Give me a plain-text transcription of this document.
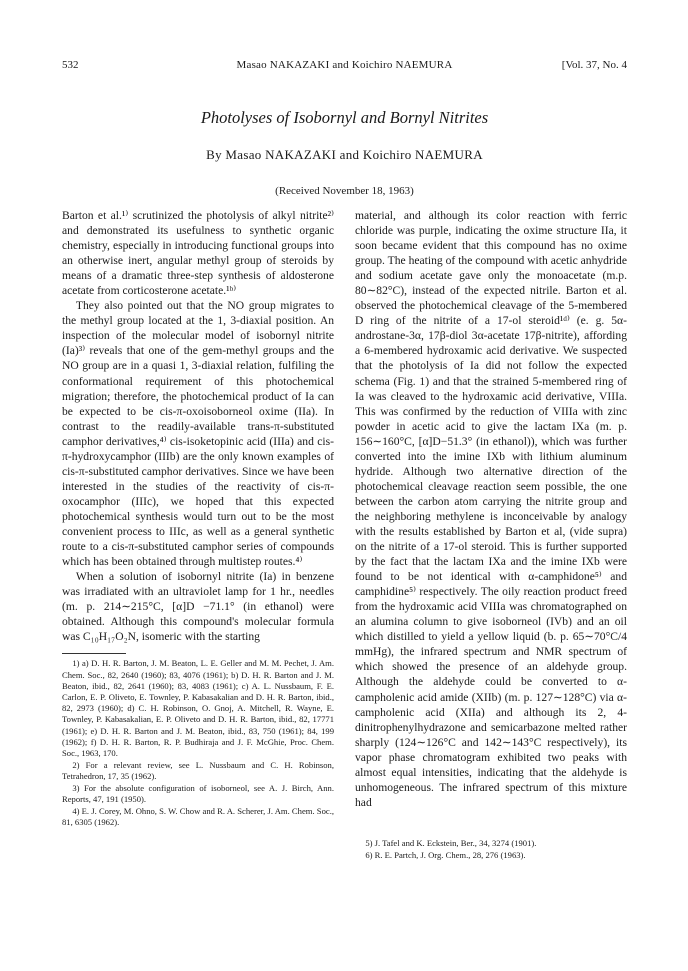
532	Masao NAKAZAKI and Koichiro NAEMURA	[Vol. 37, No. 4
Photolyses of Isobornyl and Bornyl Nitrites
By Masao NAKAZAKI and Koichiro NAEMURA
(Received November 18, 1963)

Barton et al.¹⁾ scrutinized the photolysis of alkyl nitrite²⁾ and demonstrated its usefulness to synthetic organic chemistry, especially in introducing functional groups into an otherwise inert, angular methyl group of steroids by means of a dramatic three-step synthesis of aldosterone acetate from corticosterone acetate.¹ᵇ⁾

They also pointed out that the NO group migrates to the methyl group located at the 1, 3-diaxial position. An inspection of the molecular model of isobornyl nitrite (Ia)³⁾ reveals that one of the gem-methyl groups and the NO group are in a quasi 1, 3-diaxial relation, fulfiling the conformational requirement of this photochemical migration; therefore, the photochemical product of Ia can be expected to be cis-π-oxoisoborneol oxime (IIa). In contrast to the readily-available trans-π-substituted camphor derivatives,⁴⁾ cis-isoketopinic acid (IIIa) and cis-π-hydroxycamphor (IIIb) are the only known examples of cis-π-substituted camphor derivatives. Since we have been interested in the studies of the reactivity of cis-π-oxocamphor (IIIc), we hoped that this expected photochemical synthesis would turn out to be the most convenient process to IIIc, as well as a general synthetic route to a cis-π-substituted camphor series of compounds which has been obtained through multistep routes.⁴⁾

When a solution of isobornyl nitrite (Ia) in benzene was irradiated with an ultraviolet lamp for 1 hr., needles (m. p. 214∼215°C, [α]D −71.1° (in ethanol) were obtained. Although this compound's molecular formula was C₁₀H₁₇O₂N, isomeric with the starting

1) a) D. H. R. Barton, J. M. Beaton, L. E. Geller and M. M. Pechet, J. Am. Chem. Soc., 82, 2640 (1960); 83, 4076 (1961); b) D. H. R. Barton and J. M. Beaton, ibid., 82, 2641 (1960); 83, 4083 (1961); c) A. L. Nussbaum, F. E. Carlon, E. P. Oliveto, E. Townley, P. Kabasakalian and D. H. R. Barton, ibid., 82, 2973 (1960); d) C. H. Robinson, O. Gnoj, A. Mitchell, R. Wayne, E. Townley, P. Kabasakalian, E. P. Oliveto and D. H. R. Barton, ibid., 82, 17771 (1961); e) D. H. R. Barton and J. M. Beaton, ibid., 83, 750 (1961); 84, 199 (1962); f) D. H. R. Barton, R. P. Budhiraja and J. F. McGhie, Proc. Chem. Soc., 1963, 170.

2) For a relevant review, see L. Nussbaum and C. H. Robinson, Tetrahedron, 17, 35 (1962).

3) For the absolute configuration of isoborneol, see A. J. Birch, Ann. Reports, 47, 191 (1950).

4) E. J. Corey, M. Ohno, S. W. Chow and R. A. Scherer, J. Am. Chem. Soc., 81, 6305 (1962).

material, and although its color reaction with ferric chloride was purple, indicating the oxime structure IIa, it soon became evident that this compound has no oxime group. The heating of the compound with acetic anhydride and sodium acetate gave only the monoacetate (m.p. 80∼82°C), instead of the expected nitrile. Barton et al. observed the photochemical cleavage of the 5-membered D ring of the nitrite of a 17-ol steroid¹ᵈ⁾ (e. g. 5α-androstane-3α, 17β-diol 3α-acetate 17β-nitrite), affording a 6-membered hydroxamic acid derivative. We suspected that the photolysis of Ia did not follow the expected schema (Fig. 1) and that the strained 5-membered ring of Ia was cleaved to the hydroxamic acid derivative, VIIIa. This was confirmed by the reduction of VIIIa with zinc powder in acetic acid to give the lactam IXa (m. p. 156∼160°C, [α]D−51.3° (in ethanol)), which was further converted into the imine IXb with lithium aluminum hydride. Although two alternative direction of the photochemical cleavage reaction seem possible, the one between the carbon atom carrying the nitrite group and the neighboring methylene is inconceivable by analogy with the results established by Barton et al, (vide supra) on the nitrite of a 17-ol steroid. This is further supported by the fact that the lactam IXa and the imine IXb were found to be not identical with α-camphidone⁵⁾ and camphidine⁵⁾ respectively. The oily reaction product freed from the hydroxamic acid VIIIa was chromatographed on an alumina column to give isoborneol (IVb) and an oil which distilled to yield a yellow liquid (b. p. 65∼70°C/4 mmHg), the infrared spectrum and NMR spectrum of which showed the presence of an aldehyde group. Although the aldehyde could be converted to α-campholenic acid amide (XIIb) (m. p. 127∼128°C) via α-campholenic acid (XIIa) and although its 2, 4-dinitrophenylhydrazone and semicarbazone melted rather sharply (124∼126°C and 142∼143°C respectively), its vapor phase chromatogram exhibited two peaks with almost equal intensities, indicating that the aldehyde is unhomogeneous. The infrared spectrum of this mixture had

5) J. Tafel and K. Eckstein, Ber., 34, 3274 (1901).

6) R. E. Partch, J. Org. Chem., 28, 276 (1963).
